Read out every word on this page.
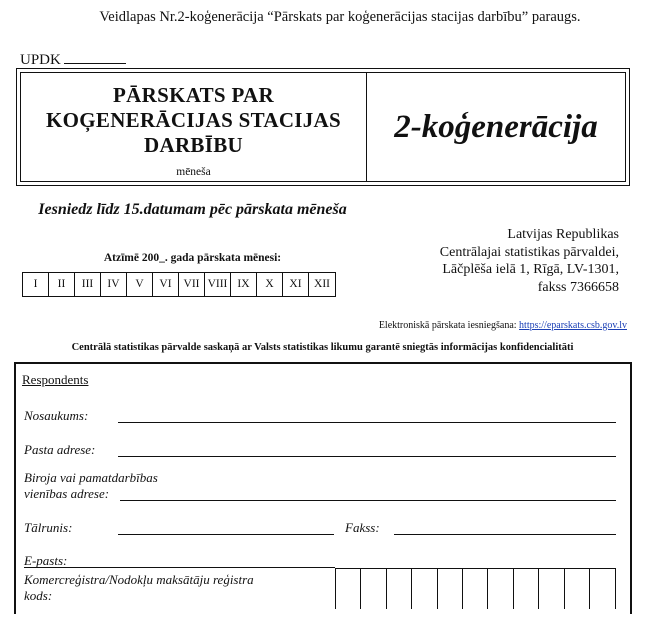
Veidlapas Nr.2-koģenerācija “Pārskats par koģenerācijas stacijas darbību” paraugs.
UPDK
PĀRSKATS PAR KOĢENERĀCIJAS STACIJAS DARBĪBU
mēneša
2-koģenerācija
Iesniedz līdz 15.datumam pēc pārskata mēneša
Atzīmē 200_. gada pārskata mēnesi:
I	II	III	IV	V	VI	VII VIII IX	X	XI	XII
Latvijas Republikas
Centrālajai statistikas pārvaldei,
Lāčplēša ielā 1, Rīgā, LV-1301,
fakss 7366658
Elektroniskā pārskata iesniegšana: https://eparskats.csb.gov.lv
Centrālā statistikas pārvalde saskaņā ar Valsts statistikas likumu garantē sniegtās informācijas konfidencialitāti
Respondents
Nosaukums:
Pasta adrese:
Biroja vai pamatdarbības
vienības adrese:
Tālrunis:	Fakss:
E-pasts:
Komercreģistra/Nodokļu maksātāju reģistra
kods:
